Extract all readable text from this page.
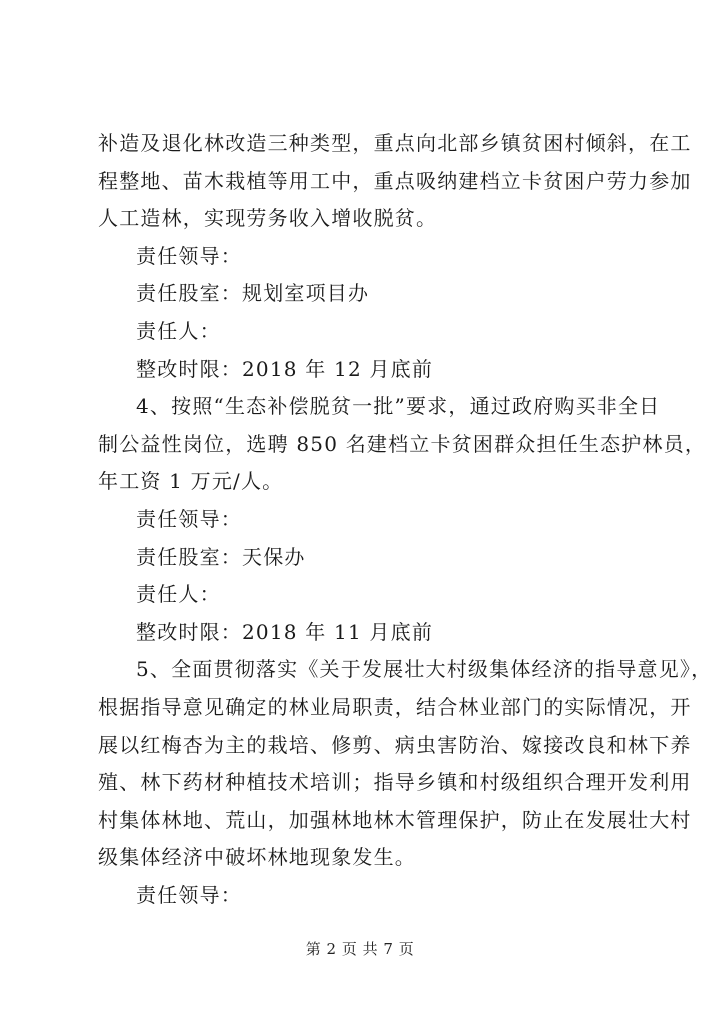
补造及退化林改造三种类型，重点向北部乡镇贫困村倾斜，在工
程整地、苗木栽植等用工中，重点吸纳建档立卡贫困户劳力参加
人工造林，实现劳务收入增收脱贫。
责任领导：
责任股室：规划室项目办
责任人：
整改时限：2018 年 12 月底前
4、按照“生态补偿脱贫一批”要求，通过政府购买非全日
制公益性岗位，选聘 850 名建档立卡贫困群众担任生态护林员，
年工资 1 万元/人。
责任领导：
责任股室：天保办
责任人：
整改时限：2018 年 11 月底前
5、全面贯彻落实《关于发展壮大村级集体经济的指导意见》，
根据指导意见确定的林业局职责，结合林业部门的实际情况，开
展以红梅杏为主的栽培、修剪、病虫害防治、嫁接改良和林下养
殖、林下药材种植技术培训；指导乡镇和村级组织合理开发利用
村集体林地、荒山，加强林地林木管理保护，防止在发展壮大村
级集体经济中破坏林地现象发生。
责任领导：
第 2 页 共 7 页
